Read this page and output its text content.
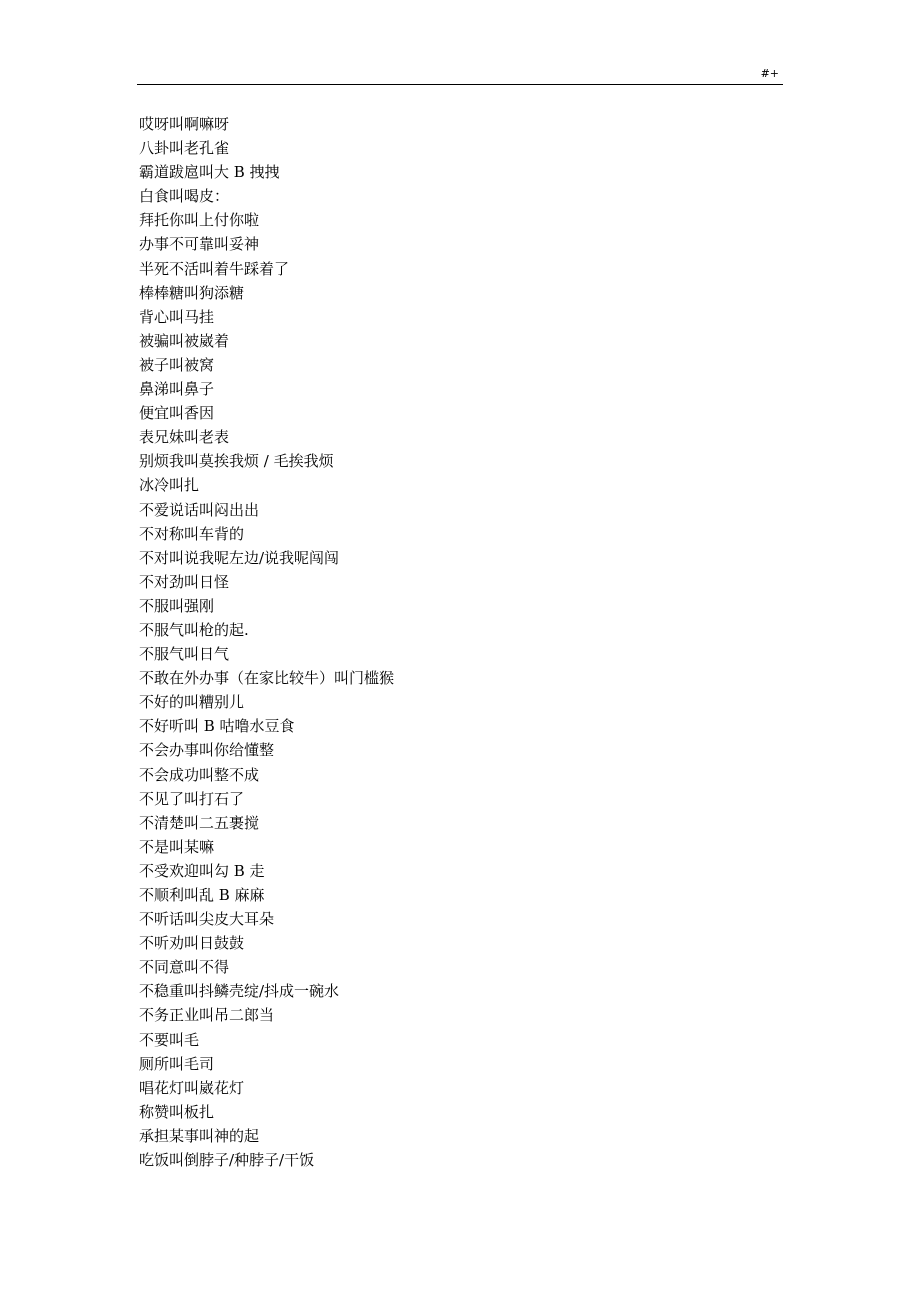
#+
哎呀叫啊嘛呀
八卦叫老孔雀
霸道跋扈叫大 B 拽拽
白食叫喝皮：
拜托你叫上付你啦
办事不可靠叫妥神
半死不活叫着牛踩着了
棒棒糖叫狗添糖
背心叫马挂
被骗叫被崴着
被子叫被窝
鼻涕叫鼻子
便宜叫香因
表兄妹叫老表
别烦我叫莫挨我烦 / 毛挨我烦
冰冷叫扎
不爱说话叫闷出出
不对称叫车背的
不对叫说我呢左边/说我呢闯闯
不对劲叫日怪
不服叫强刚
不服气叫枪的起.
不服气叫日气
不敢在外办事（在家比较牛）叫门槛猴
不好的叫糟别儿
不好听叫 B 咕噜水豆食
不会办事叫你给懂整
不会成功叫整不成
不见了叫打石了
不清楚叫二五裹搅
不是叫某嘛
不受欢迎叫勾 B 走
不顺利叫乱 B 麻麻
不听话叫尖皮大耳朵
不听劝叫日鼓鼓
不同意叫不得
不稳重叫抖鳞壳绽/抖成一碗水
不务正业叫吊二郎当
不要叫毛
厕所叫毛司
唱花灯叫崴花灯
称赞叫板扎
承担某事叫神的起
吃饭叫倒脖子/种脖子/干饭
